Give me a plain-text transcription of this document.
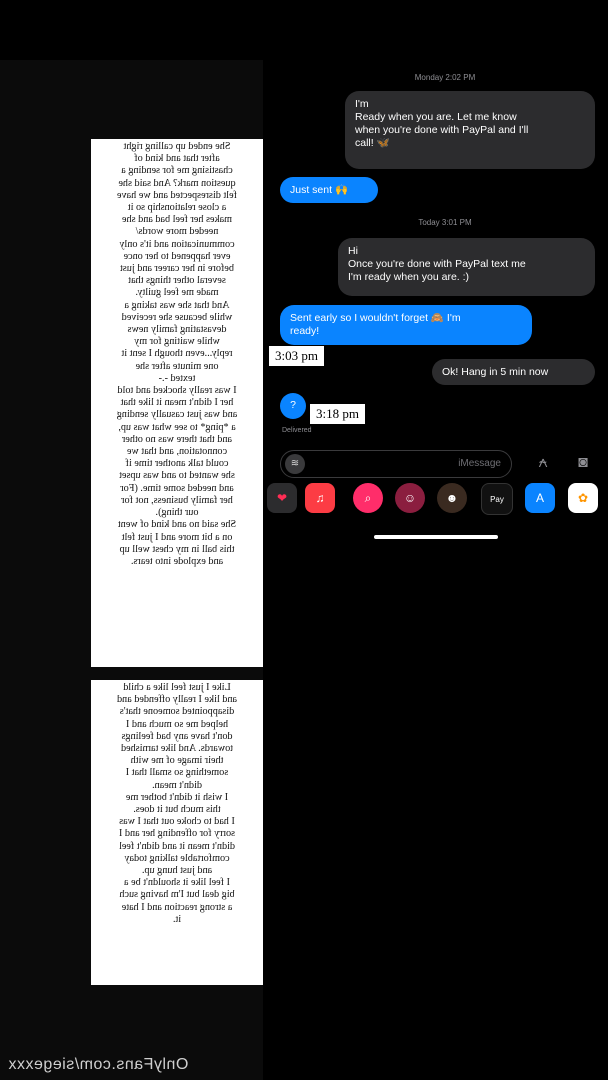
Monday 2:02 PM
I'm
Ready when you are. Let me know
when you're done with PayPal and I'll
call! 🦋
Just sent 🙌
Today 3:01 PM
Hi
Once you're done with PayPal text me
I'm ready when you are. :)
Sent early so I wouldn't forget 🙈 I'm
ready!
3:03 pm
Ok! Hang in 5 min now
?
3:18 pm
Delivered
≋	iMessage	⍲	◙
❤	♫	⌕	☺	☻	Pay	A	✿
She ended up calling right
after that and kind of
chastising me for sending a
question mark? And said she
felt disrespected and we have
a close relationship so it
makes her feel bad and she
needed more words/
communication and it's only
ever happened to her once
before in her career and just
several other things that
made me feel guilty.
And that she was taking a
while because she received
devastating family news
while waiting for my
reply...even though I sent it
one minute after she
texted -.-
I was really shocked and told
her I didn't mean it like that
and was just casually sending
a *ping* to see what was up,
and that there was no other
connotation, and that we
could talk another time if
she wanted to and was upset
and needed some time. (For
her family business, not for
our thing).
She said no and kind of went
on a bit more and I just felt
this ball in my chest well up
and explode into tears.
Like I just feel like a child
and like I really offended and
disappointed someone that's
helped me so much and I
don't have any bad feelings
towards. And like tarnished
their image of me with
something so small that I
didn't mean.
I wish it didn't bother me
this much but it does.
I had to choke out that I was
sorry for offending her and I
didn't mean it and didn't feel
comfortable talking today
and just hung up.
I feel like it shouldn't be a
big deal but I'm having such
a strong reaction and I hate
it.
OnlyFans.com/siegexxx
